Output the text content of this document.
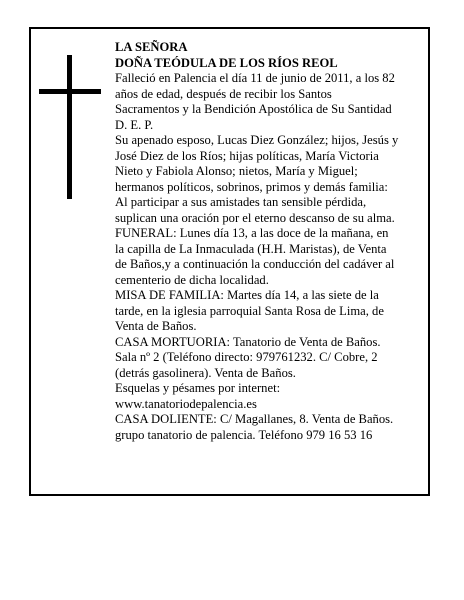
LA SEÑORA
DOÑA TEÓDULA DE LOS RÍOS REOL
Falleció en Palencia el día 11 de junio de 2011, a los 82
años de edad, después de recibir los Santos
Sacramentos y la Bendición Apostólica de Su Santidad
D. E. P.
Su apenado esposo, Lucas Diez González; hijos, Jesús y
José Diez de los Ríos; hijas políticas, María Victoria
Nieto y Fabiola Alonso; nietos, María y Miguel;
hermanos políticos, sobrinos, primos y demás familia:
Al participar a sus amistades tan sensible pérdida,
suplican una oración por el eterno descanso de su alma.
FUNERAL: Lunes día 13, a las doce de la mañana, en
la capilla de La Inmaculada (H.H. Maristas), de Venta
de Baños,y a continuación la conducción del cadáver al
cementerio de dicha localidad.
MISA DE FAMILIA: Martes día 14, a las siete de la
tarde, en la iglesia parroquial Santa Rosa de Lima, de
Venta de Baños.
CASA MORTUORIA: Tanatorio de Venta de Baños.
Sala nº 2 (Teléfono directo: 979761232. C/ Cobre, 2
(detrás gasolinera). Venta de Baños.
Esquelas y pésames por internet:
www.tanatoriodepalencia.es
CASA DOLIENTE: C/ Magallanes, 8. Venta de Baños.
grupo tanatorio de palencia. Teléfono 979 16 53 16
